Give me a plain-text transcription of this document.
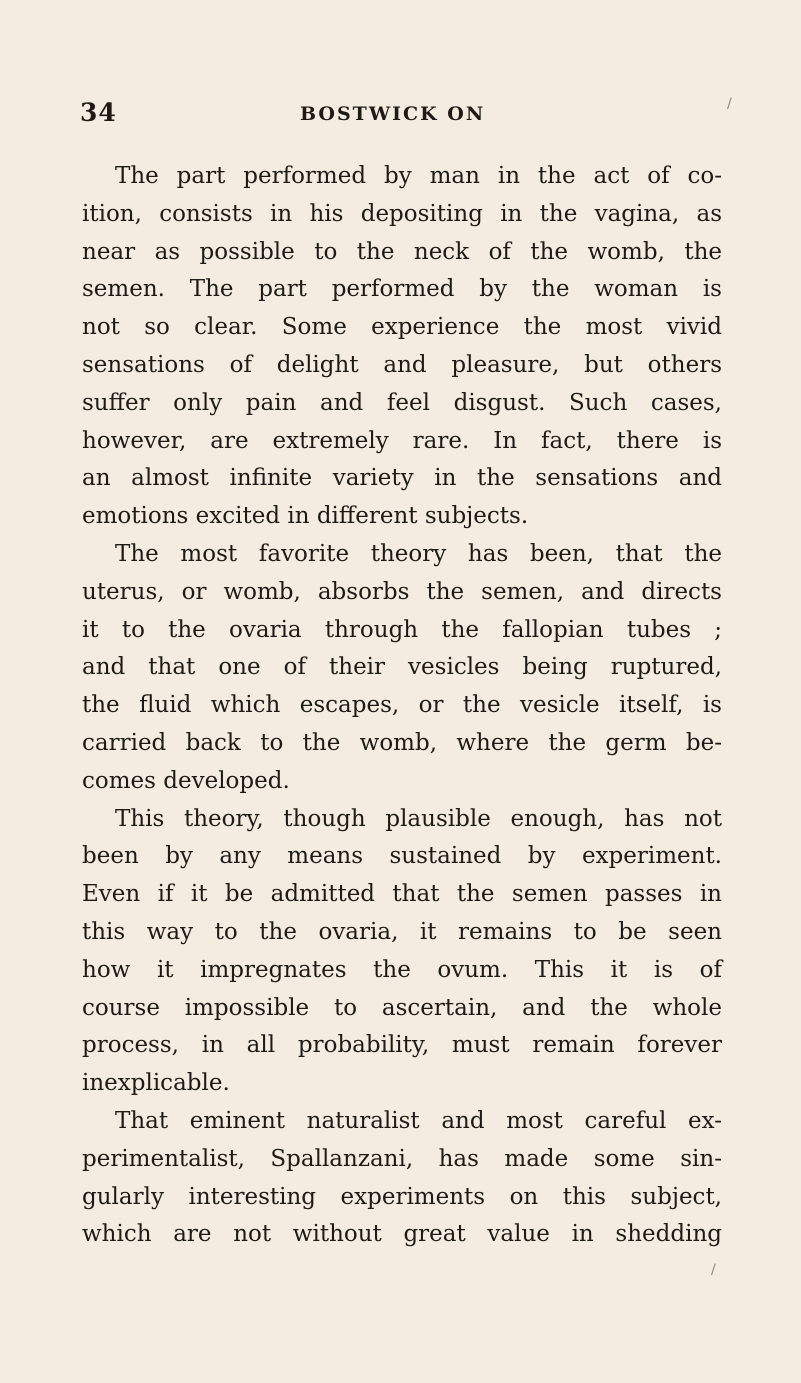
34	BOSTWICK ON
The part performed by man in the act of co-
ition, consists in his depositing in the vagina, as
near as possible to the neck of the womb, the
semen. The part performed by the woman is
not so clear. Some experience the most vivid
sensations of delight and pleasure, but others
suffer only pain and feel disgust. Such cases,
however, are extremely rare. In fact, there is
an almost infinite variety in the sensations and
emotions excited in different subjects.
The most favorite theory has been, that the
uterus, or womb, absorbs the semen, and directs
it to the ovaria through the fallopian tubes ;
and that one of their vesicles being ruptured,
the fluid which escapes, or the vesicle itself, is
carried back to the womb, where the germ be-
comes developed.
This theory, though plausible enough, has not
been by any means sustained by experiment.
Even if it be admitted that the semen passes in
this way to the ovaria, it remains to be seen
how it impregnates the ovum. This it is of
course impossible to ascertain, and the whole
process, in all probability, must remain forever
inexplicable.
That eminent naturalist and most careful ex-
perimentalist, Spallanzani, has made some sin-
gularly interesting experiments on this subject,
which are not without great value in shedding
/
/
